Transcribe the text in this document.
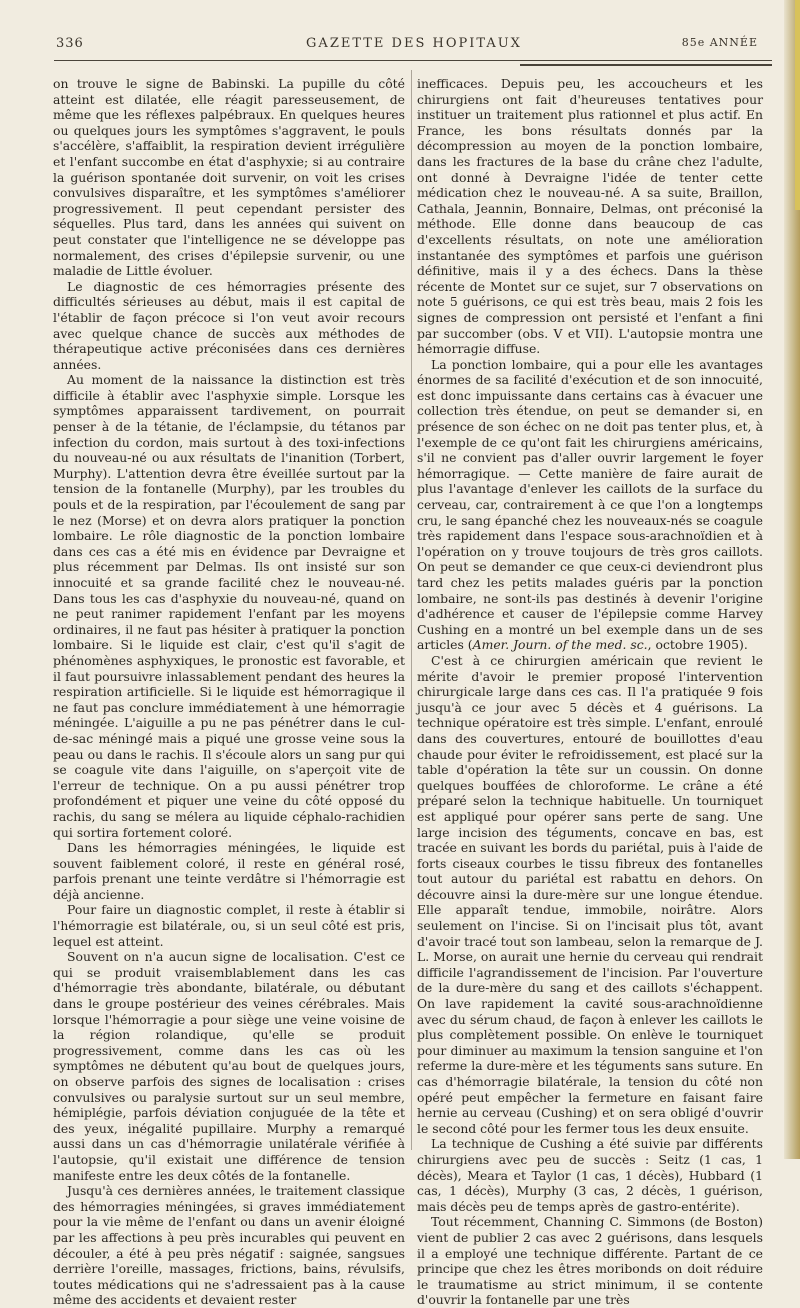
336	GAZETTE DES HOPITAUX	85e ANNÉE

on trouve le signe de Babinski. La pupille du côté atteint est dilatée, elle réagit paresseusement, de même que les réflexes palpébraux. En quelques heures ou quelques jours les symptômes s'aggravent, le pouls s'accélère, s'affaiblit, la respiration devient irrégulière et l'enfant succombe en état d'asphyxie; si au contraire la guérison spontanée doit survenir, on voit les crises convulsives disparaître, et les symptômes s'améliorer progressivement. Il peut cependant persister des séquelles. Plus tard, dans les années qui suivent on peut constater que l'intelligence ne se développe pas normalement, des crises d'épilepsie survenir, ou une maladie de Little évoluer.

Le diagnostic de ces hémorragies présente des difficultés sérieuses au début, mais il est capital de l'établir de façon précoce si l'on veut avoir recours avec quelque chance de succès aux méthodes de thérapeutique active préconisées dans ces dernières années.

Au moment de la naissance la distinction est très difficile à établir avec l'asphyxie simple. Lorsque les symptômes apparaissent tardivement, on pourrait penser à de la tétanie, de l'éclampsie, du tétanos par infection du cordon, mais surtout à des toxi-infections du nouveau-né ou aux résultats de l'inanition (Torbert, Murphy). L'attention devra être éveillée surtout par la tension de la fontanelle (Murphy), par les troubles du pouls et de la respiration, par l'écoulement de sang par le nez (Morse) et on devra alors pratiquer la ponction lombaire. Le rôle diagnostic de la ponction lombaire dans ces cas a été mis en évidence par Devraigne et plus récemment par Delmas. Ils ont insisté sur son innocuité et sa grande facilité chez le nouveau-né. Dans tous les cas d'asphyxie du nouveau-né, quand on ne peut ranimer rapidement l'enfant par les moyens ordinaires, il ne faut pas hésiter à pratiquer la ponction lombaire. Si le liquide est clair, c'est qu'il s'agit de phénomènes asphyxiques, le pronostic est favorable, et il faut poursuivre inlassablement pendant des heures la respiration artificielle. Si le liquide est hémorragique il ne faut pas conclure immédiatement à une hémorragie méningée. L'aiguille a pu ne pas pénétrer dans le cul-de-sac méningé mais a piqué une grosse veine sous la peau ou dans le rachis. Il s'écoule alors un sang pur qui se coagule vite dans l'aiguille, on s'aperçoit vite de l'erreur de technique. On a pu aussi pénétrer trop profondément et piquer une veine du côté opposé du rachis, du sang se mélera au liquide céphalo-rachidien qui sortira fortement coloré.

Dans les hémorragies méningées, le liquide est souvent faiblement coloré, il reste en général rosé, parfois prenant une teinte verdâtre si l'hémorragie est déjà ancienne.

Pour faire un diagnostic complet, il reste à établir si l'hémorragie est bilatérale, ou, si un seul côté est pris, lequel est atteint.

Souvent on n'a aucun signe de localisation. C'est ce qui se produit vraisemblablement dans les cas d'hémorragie très abondante, bilatérale, ou débutant dans le groupe postérieur des veines cérébrales. Mais lorsque l'hémorragie a pour siège une veine voisine de la région rolandique, qu'elle se produit progressivement, comme dans les cas où les symptômes ne débutent qu'au bout de quelques jours, on observe parfois des signes de localisation : crises convulsives ou paralysie surtout sur un seul membre, hémiplégie, parfois déviation conjuguée de la tête et des yeux, inégalité pupillaire. Murphy a remarqué aussi dans un cas d'hémorragie unilatérale vérifiée à l'autopsie, qu'il existait une différence de tension manifeste entre les deux côtés de la fontanelle.

Jusqu'à ces dernières années, le traitement classique des hémorragies méningées, si graves immédiatement pour la vie même de l'enfant ou dans un avenir éloigné par les affections à peu près incurables qui peuvent en découler, a été à peu près négatif : saignée, sangsues derrière l'oreille, massages, frictions, bains, révulsifs, toutes médications qui ne s'adressaient pas à la cause même des accidents et devaient rester

inefficaces. Depuis peu, les accoucheurs et les chirurgiens ont fait d'heureuses tentatives pour instituer un traitement plus rationnel et plus actif. En France, les bons résultats donnés par la décompression au moyen de la ponction lombaire, dans les fractures de la base du crâne chez l'adulte, ont donné à Devraigne l'idée de tenter cette médication chez le nouveau-né. A sa suite, Braillon, Cathala, Jeannin, Bonnaire, Delmas, ont préconisé la méthode. Elle donne dans beaucoup de cas d'excellents résultats, on note une amélioration instantanée des symptômes et parfois une guérison définitive, mais il y a des échecs. Dans la thèse récente de Montet sur ce sujet, sur 7 observations on note 5 guérisons, ce qui est très beau, mais 2 fois les signes de compression ont persisté et l'enfant a fini par succomber (obs. V et VII). L'autopsie montra une hémorragie diffuse.

La ponction lombaire, qui a pour elle les avantages énormes de sa facilité d'exécution et de son innocuité, est donc impuissante dans certains cas à évacuer une collection très étendue, on peut se demander si, en présence de son échec on ne doit pas tenter plus, et, à l'exemple de ce qu'ont fait les chirurgiens américains, s'il ne convient pas d'aller ouvrir largement le foyer hémorragique. — Cette manière de faire aurait de plus l'avantage d'enlever les caillots de la surface du cerveau, car, contrairement à ce que l'on a longtemps cru, le sang épanché chez les nouveaux-nés se coagule très rapidement dans l'espace sous-arachnoïdien et à l'opération on y trouve toujours de très gros caillots. On peut se demander ce que ceux-ci deviendront plus tard chez les petits malades guéris par la ponction lombaire, ne sont-ils pas destinés à devenir l'origine d'adhérence et causer de l'épilepsie comme Harvey Cushing en a montré un bel exemple dans un de ses articles (Amer. Journ. of the med. sc., octobre 1905).

C'est à ce chirurgien américain que revient le mérite d'avoir le premier proposé l'intervention chirurgicale large dans ces cas. Il l'a pratiquée 9 fois jusqu'à ce jour avec 5 décès et 4 guérisons. La technique opératoire est très simple. L'enfant, enroulé dans des couvertures, entouré de bouillottes d'eau chaude pour éviter le refroidissement, est placé sur la table d'opération la tête sur un coussin. On donne quelques bouffées de chloroforme. Le crâne a été préparé selon la technique habituelle. Un tourniquet est appliqué pour opérer sans perte de sang. Une large incision des téguments, concave en bas, est tracée en suivant les bords du pariétal, puis à l'aide de forts ciseaux courbes le tissu fibreux des fontanelles tout autour du pariétal est rabattu en dehors. On découvre ainsi la dure-mère sur une longue étendue. Elle apparaît tendue, immobile, noirâtre. Alors seulement on l'incise. Si on l'incisait plus tôt, avant d'avoir tracé tout son lambeau, selon la remarque de J. L. Morse, on aurait une hernie du cerveau qui rendrait difficile l'agrandissement de l'incision. Par l'ouverture de la dure-mère du sang et des caillots s'échappent. On lave rapidement la cavité sous-arachnoïdienne avec du sérum chaud, de façon à enlever les caillots le plus complètement possible. On enlève le tourniquet pour diminuer au maximum la tension sanguine et l'on referme la dure-mère et les téguments sans suture. En cas d'hémorragie bilatérale, la tension du côté non opéré peut empêcher la fermeture en faisant faire hernie au cerveau (Cushing) et on sera obligé d'ouvrir le second côté pour les fermer tous les deux ensuite.

La technique de Cushing a été suivie par différents chirurgiens avec peu de succès : Seitz (1 cas, 1 décès), Meara et Taylor (1 cas, 1 décès), Hubbard (1 cas, 1 décès), Murphy (3 cas, 2 décès, 1 guérison, mais décès peu de temps après de gastro-entérite).

Tout récemment, Channing C. Simmons (de Boston) vient de publier 2 cas avec 2 guérisons, dans lesquels il a employé une technique différente. Partant de ce principe que chez les êtres moribonds on doit réduire le traumatisme au strict minimum, il se contente d'ouvrir la fontanelle par une très
